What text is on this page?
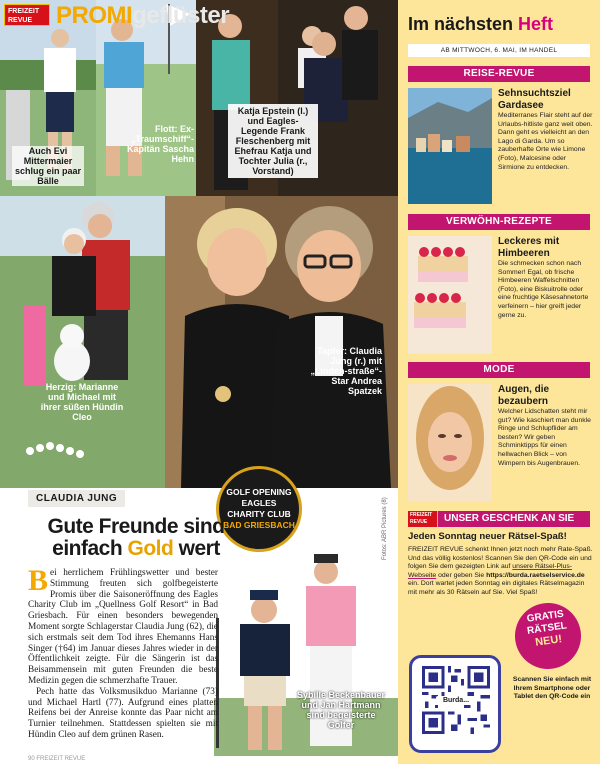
FREIZEIT
REVUE PROMIgeflüster
Auch Evi Mittermaier schlug ein paar Bälle
Flott: Ex-„Traumschiff“-Kapitän Sascha Hehn
Katja Epstein (l.) und Eagles-Legende Frank Fleschenberg mit Ehefrau Katja und Tochter Julia (r., Vorstand)
Herzig: Marianne und Michael mit ihrer süßen Hündin Cleo
Tapfer: Claudia Jung (r.) mit „Linden-straße“-Star Andrea Spatzek
Sybille Beckenbauer und Jan Hartmann sind begeisterte Golfer
GOLF OPENING
EAGLES
CHARITY CLUB
BAD GRIESBACH
CLAUDIA JUNG
Gute Freunde sind einfach Gold wert

Bei herrlichem Frühlingswetter und bester Stimmung freuten sich golfbegeisterte Promis über die Saisoneröffnung des Eagles Charity Club im „Quellness Golf Resort“ in Bad Griesbach. Für einen besonders bewegenden Moment sorgte Schlagerstar Claudia Jung (62), die sich erstmals seit dem Tod ihres Ehemanns Hans Singer (†64) im Januar dieses Jahres wieder in der Öffentlichkeit zeigte. Für die Sängerin ist das Beisammensein mit guten Freunden die beste Medizin gegen die schmerzhafte Trauer.

Pech hatte das Volksmusikduo Marianne (73) und Michael Hartl (77). Aufgrund eines platten Reifens bei der Anreise konnte das Paar nicht am Turnier teilnehmen. Stattdessen spielten sie mit Hündin Cleo auf dem grünen Rasen.

Fotos: ABR Pictures (8)
90 FREIZEIT REVUE
Im nächsten Heft
AB MITTWOCH, 6. MAI, IM HANDEL
REISE-REVUE
Sehnsuchtsziel Gardasee
Mediterranes Flair steht auf der Urlaubs-hitliste ganz weit oben. Dann geht es vielleicht an den Lago di Garda. Um so zauberhafte Orte wie Limone (Foto), Malcesine oder Sirmione zu entdecken.
VERWÖHN-REZEPTE
Leckeres mit Himbeeren
Die schmecken schon nach Sommer! Egal, ob frische Himbeeren Waffelschnitten (Foto), eine Biskuitrolle oder eine fruchtige Käsesahnetorte verfeinern – hier greift jeder gerne zu.
MODE
Augen, die bezaubern
Welcher Lidschatten steht mir gut? Wie kaschiert man dunkle Ringe und Schlupflider am besten? Wir geben Schminktipps für einen hellwachen Blick – von Wimpern bis Augenbrauen.
FREIZEIT
REVUE	UNSER GESCHENK AN SIE
Jeden Sonntag neuer Rätsel-Spaß!
FREIZEIT REVUE schenkt Ihnen jetzt noch mehr Rate-Spaß. Und das völlig kostenlos! Scannen Sie den QR-Code ein und folgen Sie dem gezeigten Link auf unsere Rätsel-Plus-Webseite oder geben Sie https://burda.raetselservice.de ein. Dort wartet jeden Sonntag ein digitales Rätselmagazin mit mehr als 30 Rätseln auf Sie. Viel Spaß!
GRATIS
RÄTSEL
NEU!
Burda...
Scannen Sie einfach mit Ihrem Smartphone oder Tablet den QR-Code ein
